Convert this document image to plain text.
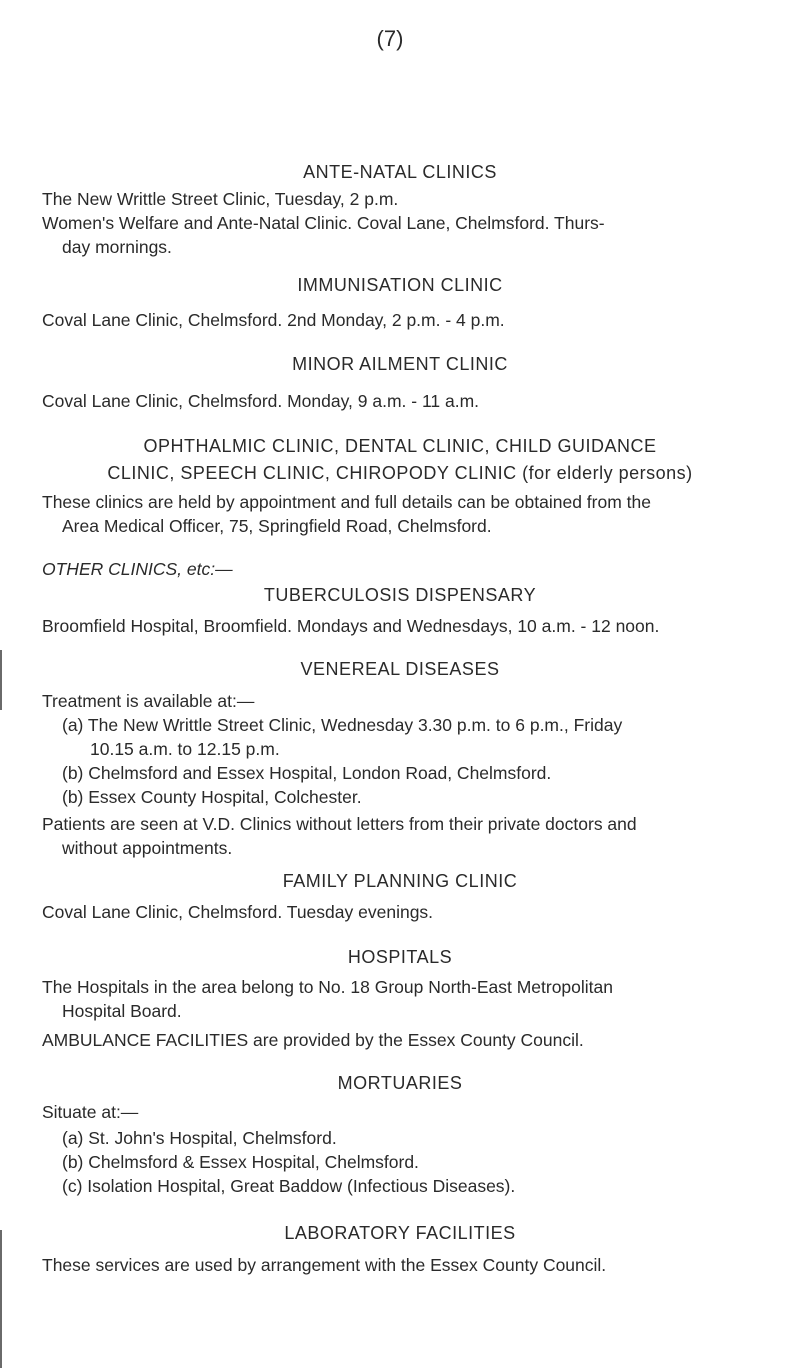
(7)
ANTE-NATAL CLINICS
The New Writtle Street Clinic, Tuesday, 2 p.m.
Women's Welfare and Ante-Natal Clinic. Coval Lane, Chelmsford. Thurs-
day mornings.
IMMUNISATION CLINIC
Coval Lane Clinic, Chelmsford. 2nd Monday, 2 p.m. - 4 p.m.
MINOR AILMENT CLINIC
Coval Lane Clinic, Chelmsford. Monday, 9 a.m. - 11 a.m.
OPHTHALMIC CLINIC, DENTAL CLINIC, CHILD GUIDANCE
CLINIC, SPEECH CLINIC, CHIROPODY CLINIC (for elderly persons)
These clinics are held by appointment and full details can be obtained from the
Area Medical Officer, 75, Springfield Road, Chelmsford.
OTHER CLINICS, etc:—
TUBERCULOSIS DISPENSARY
Broomfield Hospital, Broomfield. Mondays and Wednesdays, 10 a.m. - 12 noon.
VENEREAL DISEASES
Treatment is available at:—
(a) The New Writtle Street Clinic, Wednesday 3.30 p.m. to 6 p.m., Friday
10.15 a.m. to 12.15 p.m.
(b) Chelmsford and Essex Hospital, London Road, Chelmsford.
(b) Essex County Hospital, Colchester.
Patients are seen at V.D. Clinics without letters from their private doctors and
without appointments.
FAMILY PLANNING CLINIC
Coval Lane Clinic, Chelmsford. Tuesday evenings.
HOSPITALS
The Hospitals in the area belong to No. 18 Group North-East Metropolitan
Hospital Board.
AMBULANCE FACILITIES are provided by the Essex County Council.
MORTUARIES
Situate at:—
(a) St. John's Hospital, Chelmsford.
(b) Chelmsford & Essex Hospital, Chelmsford.
(c) Isolation Hospital, Great Baddow (Infectious Diseases).
LABORATORY FACILITIES
These services are used by arrangement with the Essex County Council.
